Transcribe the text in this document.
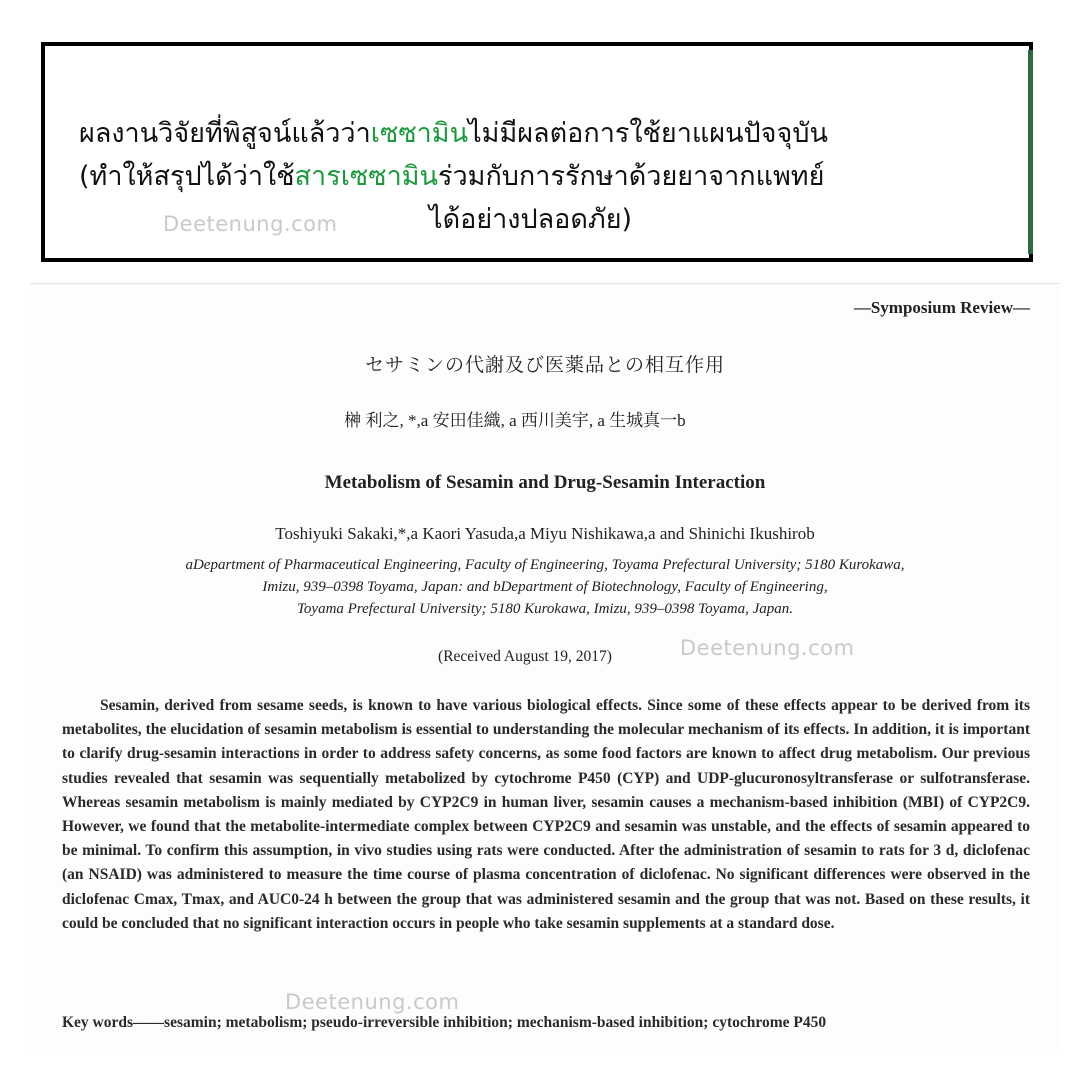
ผลงานวิจัยที่พิสูจน์แล้วว่าเซซามินไม่มีผลต่อการใช้ยาแผนปัจจุบัน
(ทำให้สรุปได้ว่าใช้สารเซซามินร่วมกับการรักษาด้วยยาจากแพทย์
ได้อย่างปลอดภัย)
Deetenung.com
—Symposium Review—
セサミンの代謝及び医薬品との相互作用
榊 利之, *,a 安田佳織, a 西川美宇, a 生城真一b
Metabolism of Sesamin and Drug-Sesamin Interaction
Toshiyuki Sakaki,*,a Kaori Yasuda,a Miyu Nishikawa,a and Shinichi Ikushirob
aDepartment of Pharmaceutical Engineering, Faculty of Engineering, Toyama Prefectural University; 5180 Kurokawa,
Imizu, 939–0398 Toyama, Japan: and bDepartment of Biotechnology, Faculty of Engineering,
Toyama Prefectural University; 5180 Kurokawa, Imizu, 939–0398 Toyama, Japan.
(Received August 19, 2017)
Sesamin, derived from sesame seeds, is known to have various biological effects. Since some of these effects appear to be derived from its metabolites, the elucidation of sesamin metabolism is essential to understanding the molecular mechanism of its effects. In addition, it is important to clarify drug-sesamin interactions in order to address safety concerns, as some food factors are known to affect drug metabolism. Our previous studies revealed that sesamin was sequentially metabolized by cytochrome P450 (CYP) and UDP-glucuronosyltransferase or sulfotransferase. Whereas sesamin metabolism is mainly mediated by CYP2C9 in human liver, sesamin causes a mechanism-based inhibition (MBI) of CYP2C9. However, we found that the metabolite-intermediate complex between CYP2C9 and sesamin was unstable, and the effects of sesamin appeared to be minimal. To confirm this assumption, in vivo studies using rats were conducted. After the administration of sesamin to rats for 3 d, diclofenac (an NSAID) was administered to measure the time course of plasma concentration of diclofenac. No significant differences were observed in the diclofenac Cmax, Tmax, and AUC0-24 h between the group that was administered sesamin and the group that was not. Based on these results, it could be concluded that no significant interaction occurs in people who take sesamin supplements at a standard dose.
Key words——sesamin; metabolism; pseudo-irreversible inhibition; mechanism-based inhibition; cytochrome P450
Deetenung.com
Deetenung.com
